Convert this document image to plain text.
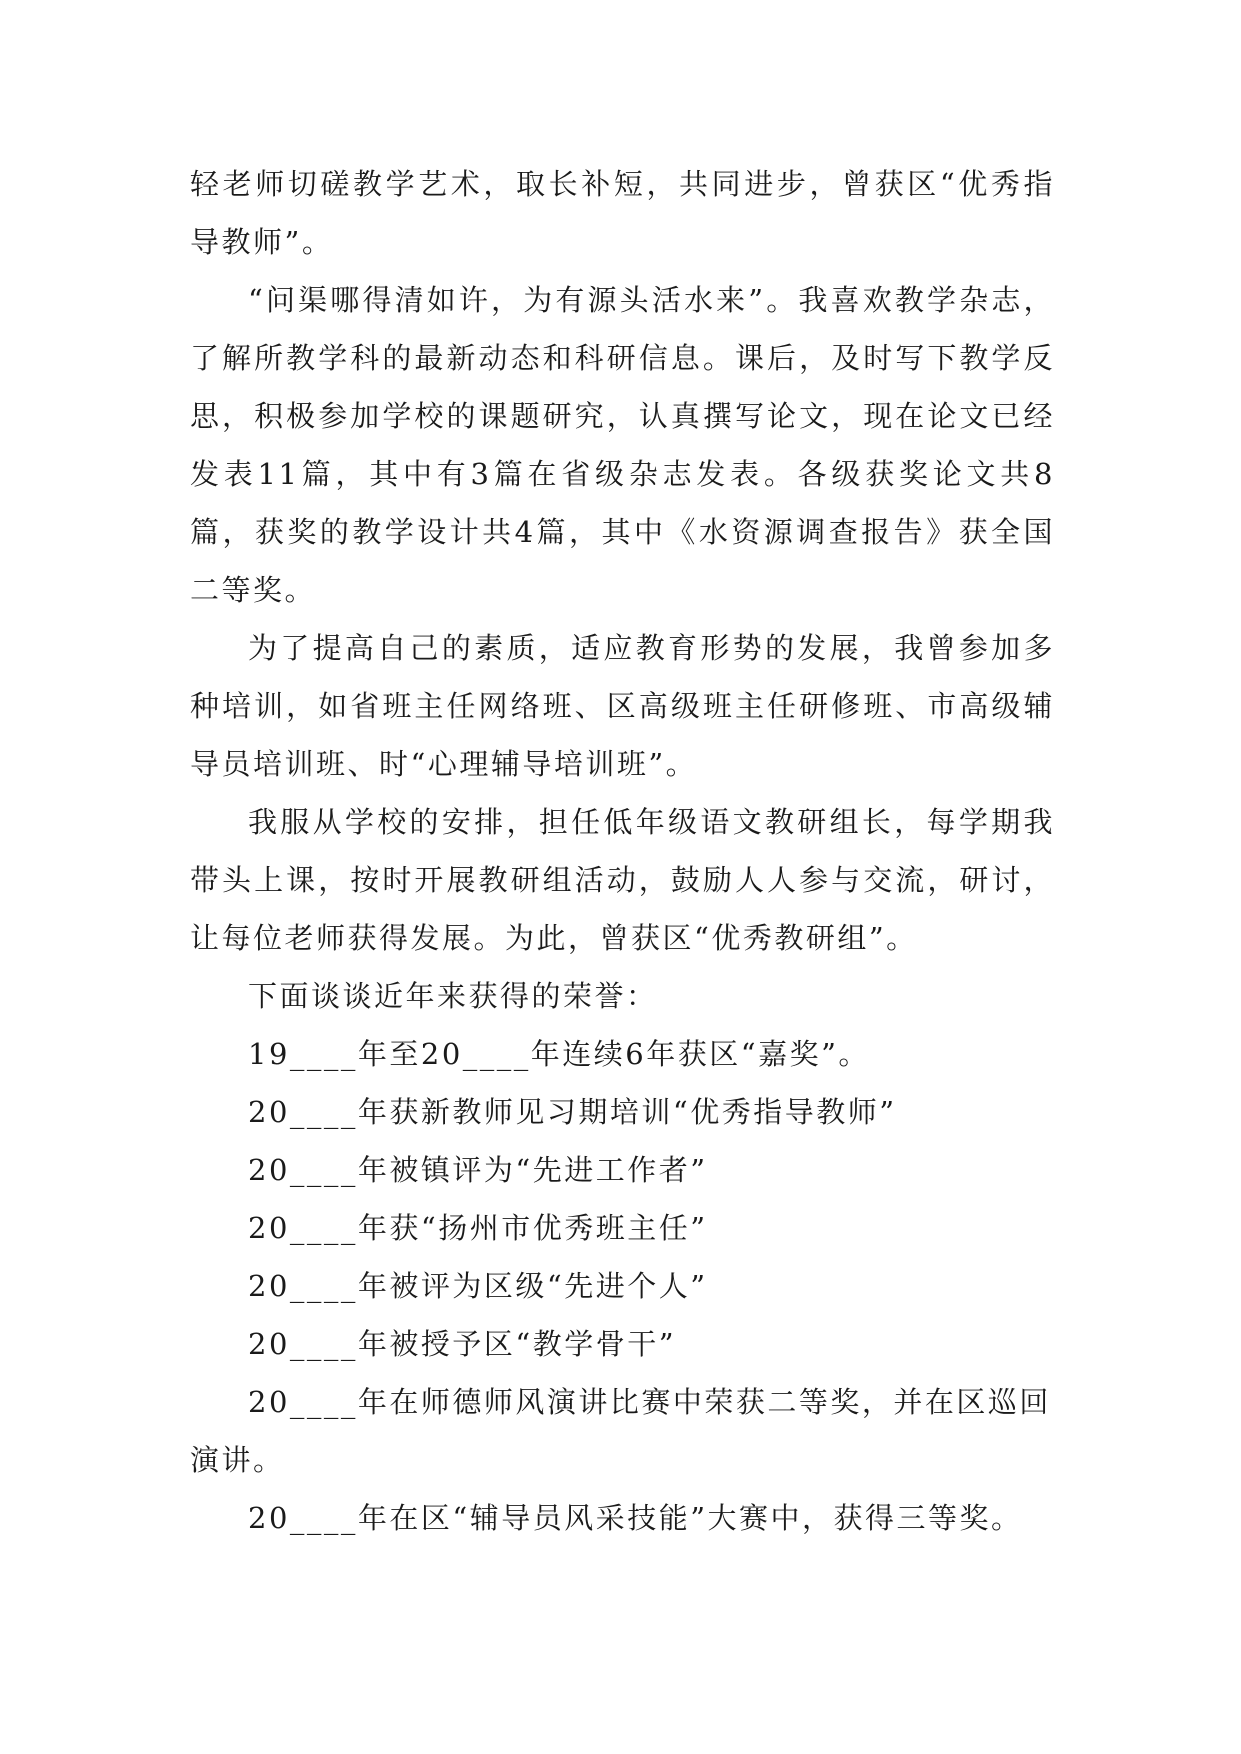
轻老师切磋教学艺术，取长补短，共同进步，曾获区“优秀指导教师”。

“问渠哪得清如许，为有源头活水来”。我喜欢教学杂志，了解所教学科的最新动态和科研信息。课后，及时写下教学反思，积极参加学校的课题研究，认真撰写论文，现在论文已经发表11篇，其中有3篇在省级杂志发表。各级获奖论文共8篇，获奖的教学设计共4篇，其中《水资源调查报告》获全国二等奖。

为了提高自己的素质，适应教育形势的发展，我曾参加多种培训，如省班主任网络班、区高级班主任研修班、市高级辅导员培训班、时“心理辅导培训班”。

我服从学校的安排，担任低年级语文教研组长，每学期我带头上课，按时开展教研组活动，鼓励人人参与交流，研讨，让每位老师获得发展。为此，曾获区“优秀教研组”。

下面谈谈近年来获得的荣誉：

19____年至20____年连续6年获区“嘉奖”。
20____年获新教师见习期培训“优秀指导教师”
20____年被镇评为“先进工作者”
20____年获“扬州市优秀班主任”
20____年被评为区级“先进个人”
20____年被授予区“教学骨干”
20____年在师德师风演讲比赛中荣获二等奖，并在区巡回演讲。
20____年在区“辅导员风采技能”大赛中，获得三等奖。
